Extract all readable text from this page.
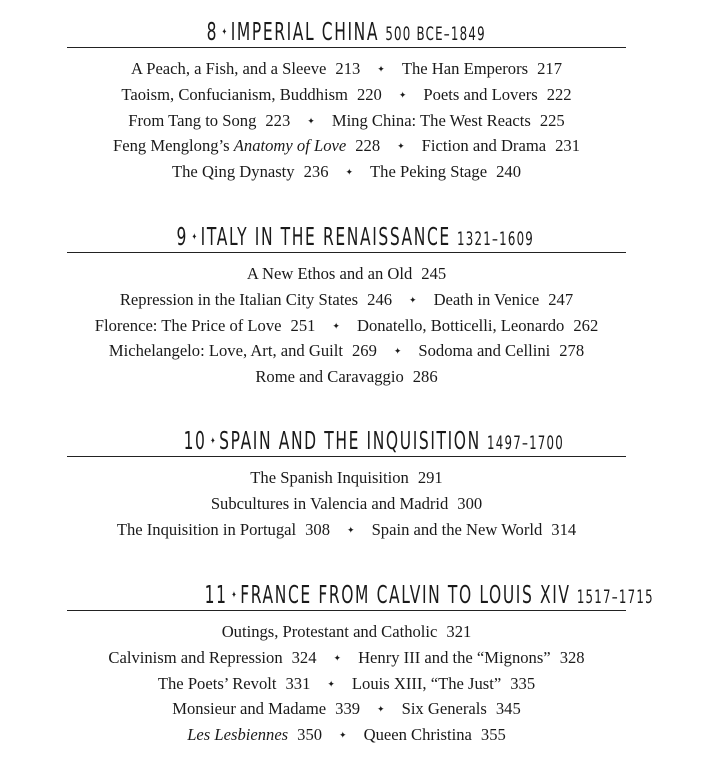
8 ✦ IMPERIAL CHINA 500 BCE–1849
A Peach, a Fish, and a Sleeve 213 ✦ The Han Emperors 217
Taoism, Confucianism, Buddhism 220 ✦ Poets and Lovers 222
From Tang to Song 223 ✦ Ming China: The West Reacts 225
Feng Menglong’s Anatomy of Love 228 ✦ Fiction and Drama 231
The Qing Dynasty 236 ✦ The Peking Stage 240
9 ✦ ITALY IN THE RENAISSANCE 1321–1609
A New Ethos and an Old 245
Repression in the Italian City States 246 ✦ Death in Venice 247
Florence: The Price of Love 251 ✦ Donatello, Botticelli, Leonardo 262
Michelangelo: Love, Art, and Guilt 269 ✦ Sodoma and Cellini 278
Rome and Caravaggio 286
10 ✦ SPAIN AND THE INQUISITION 1497–1700
The Spanish Inquisition 291
Subcultures in Valencia and Madrid 300
The Inquisition in Portugal 308 ✦ Spain and the New World 314
11 ✦ FRANCE FROM CALVIN TO LOUIS XIV 1517–1715
Outings, Protestant and Catholic 321
Calvinism and Repression 324 ✦ Henry III and the “Mignons” 328
The Poets’ Revolt 331 ✦ Louis XIII, “The Just” 335
Monsieur and Madame 339 ✦ Six Generals 345
Les Lesbiennes 350 ✦ Queen Christina 355
